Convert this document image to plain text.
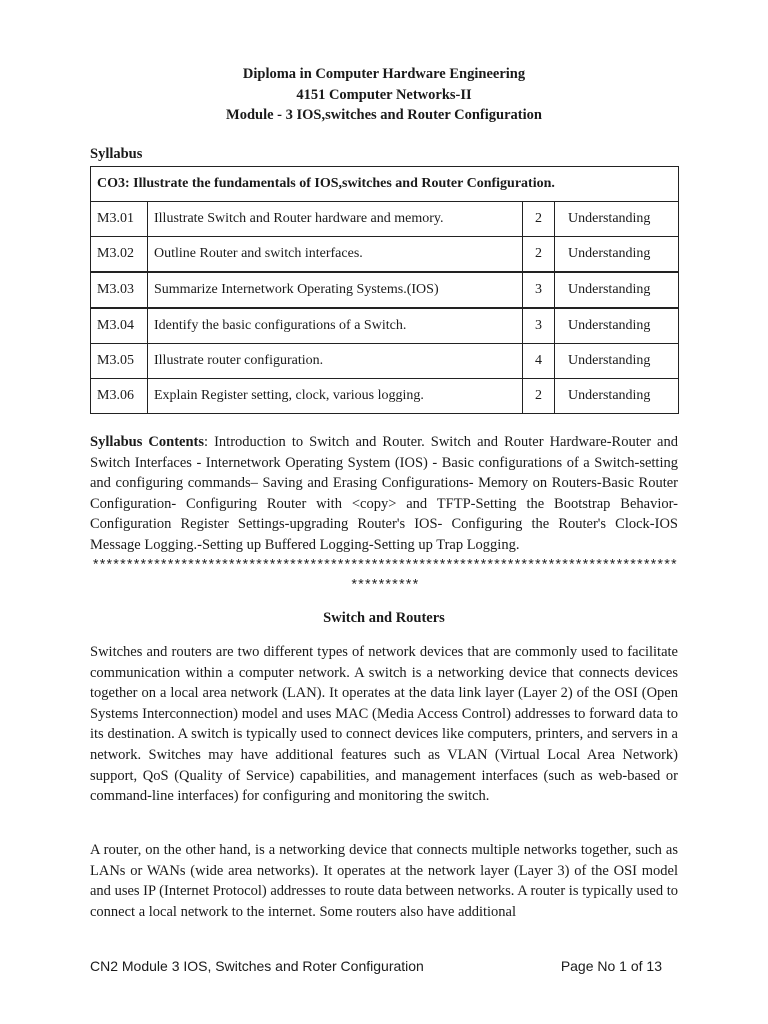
Diploma in Computer Hardware Engineering
4151 Computer Networks-II
Module - 3 IOS,switches and Router Configuration
Syllabus
CO3: Illustrate the fundamentals of IOS,switches and Router Configuration.			
M3.01	Illustrate Switch and Router hardware and memory.	2	Understanding
M3.02	Outline Router and switch interfaces.	2	Understanding
M3.03	Summarize Internetwork Operating Systems.(IOS)	3	Understanding
M3.04	Identify the basic configurations of a Switch.	3	Understanding
M3.05	Illustrate router configuration.	4	Understanding
M3.06	Explain Register setting, clock, various logging.	2	Understanding
Syllabus Contents: Introduction to Switch and Router. Switch and Router Hardware-Router and Switch Interfaces - Internetwork Operating System (IOS) - Basic configurations of a Switch-setting and configuring commands– Saving and Erasing Configurations- Memory on Routers-Basic Router Configuration- Configuring Router with <copy> and TFTP-Setting the Bootstrap Behavior-Configuration Register Settings-upgrading Router's IOS- Configuring the Router's Clock-IOS Message Logging.-Setting up Buffered Logging-Setting up Trap Logging.
************************************************************************************************
Switch and Routers
Switches and routers are two different types of network devices that are commonly used to facilitate communication within a computer network. A switch is a networking device that connects devices together on a local area network (LAN). It operates at the data link layer (Layer 2) of the OSI (Open Systems Interconnection) model and uses MAC (Media Access Control) addresses to forward data to its destination. A switch is typically used to connect devices like computers, printers, and servers in a network. Switches may have additional features such as VLAN (Virtual Local Area Network) support, QoS (Quality of Service) capabilities, and management interfaces (such as web-based or command-line interfaces) for configuring and monitoring the switch.
A router, on the other hand, is a networking device that connects multiple networks together, such as LANs or WANs (wide area networks). It operates at the network layer (Layer 3) of the OSI model and uses IP (Internet Protocol) addresses to route data between networks. A router is typically used to connect a local network to the internet. Some routers also have additional
CN2 Module 3 IOS, Switches and Roter Configuration	Page No 1 of 13
